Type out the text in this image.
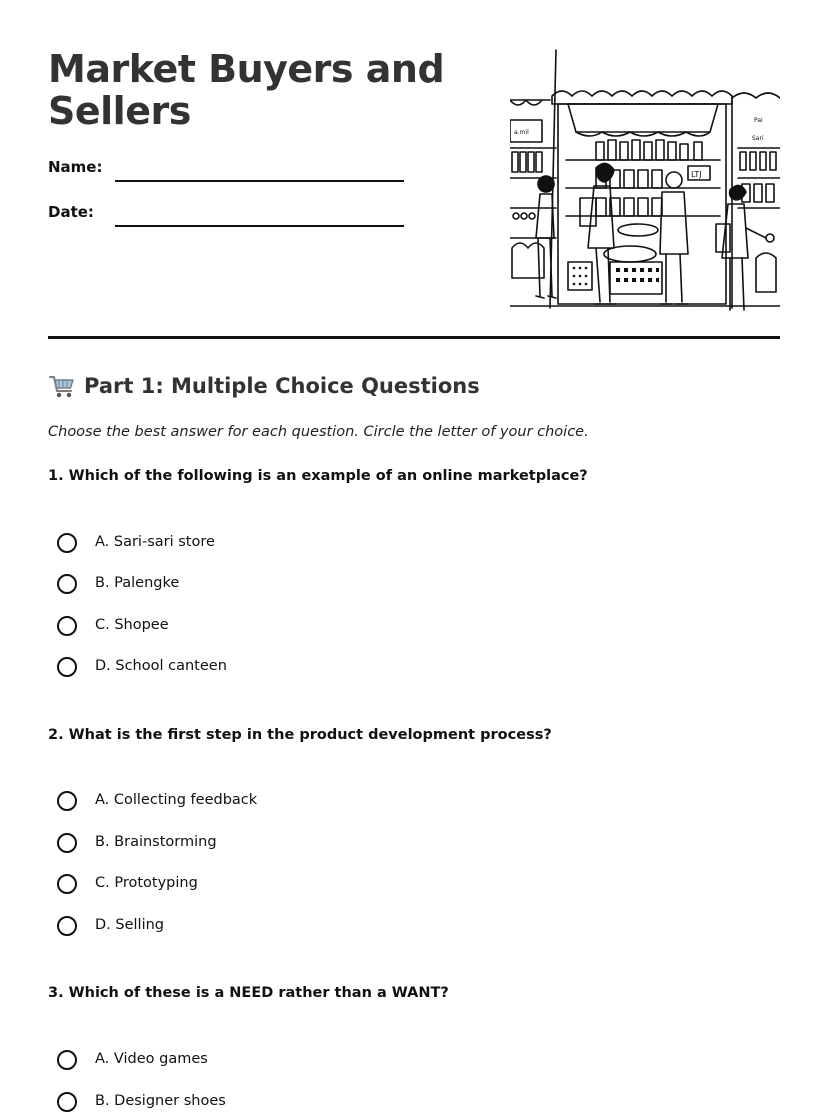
Market Buyers and Sellers
Name:
Date:
a.mil
LTJ
Pai
Sari
Part 1: Multiple Choice Questions
Choose the best answer for each question. Circle the letter of your choice.
1. Which of the following is an example of an online marketplace?
A. Sari-sari store
B. Palengke
C. Shopee
D. School canteen
2. What is the first step in the product development process?
A. Collecting feedback
B. Brainstorming
C. Prototyping
D. Selling
3. Which of these is a NEED rather than a WANT?
A. Video games
B. Designer shoes
